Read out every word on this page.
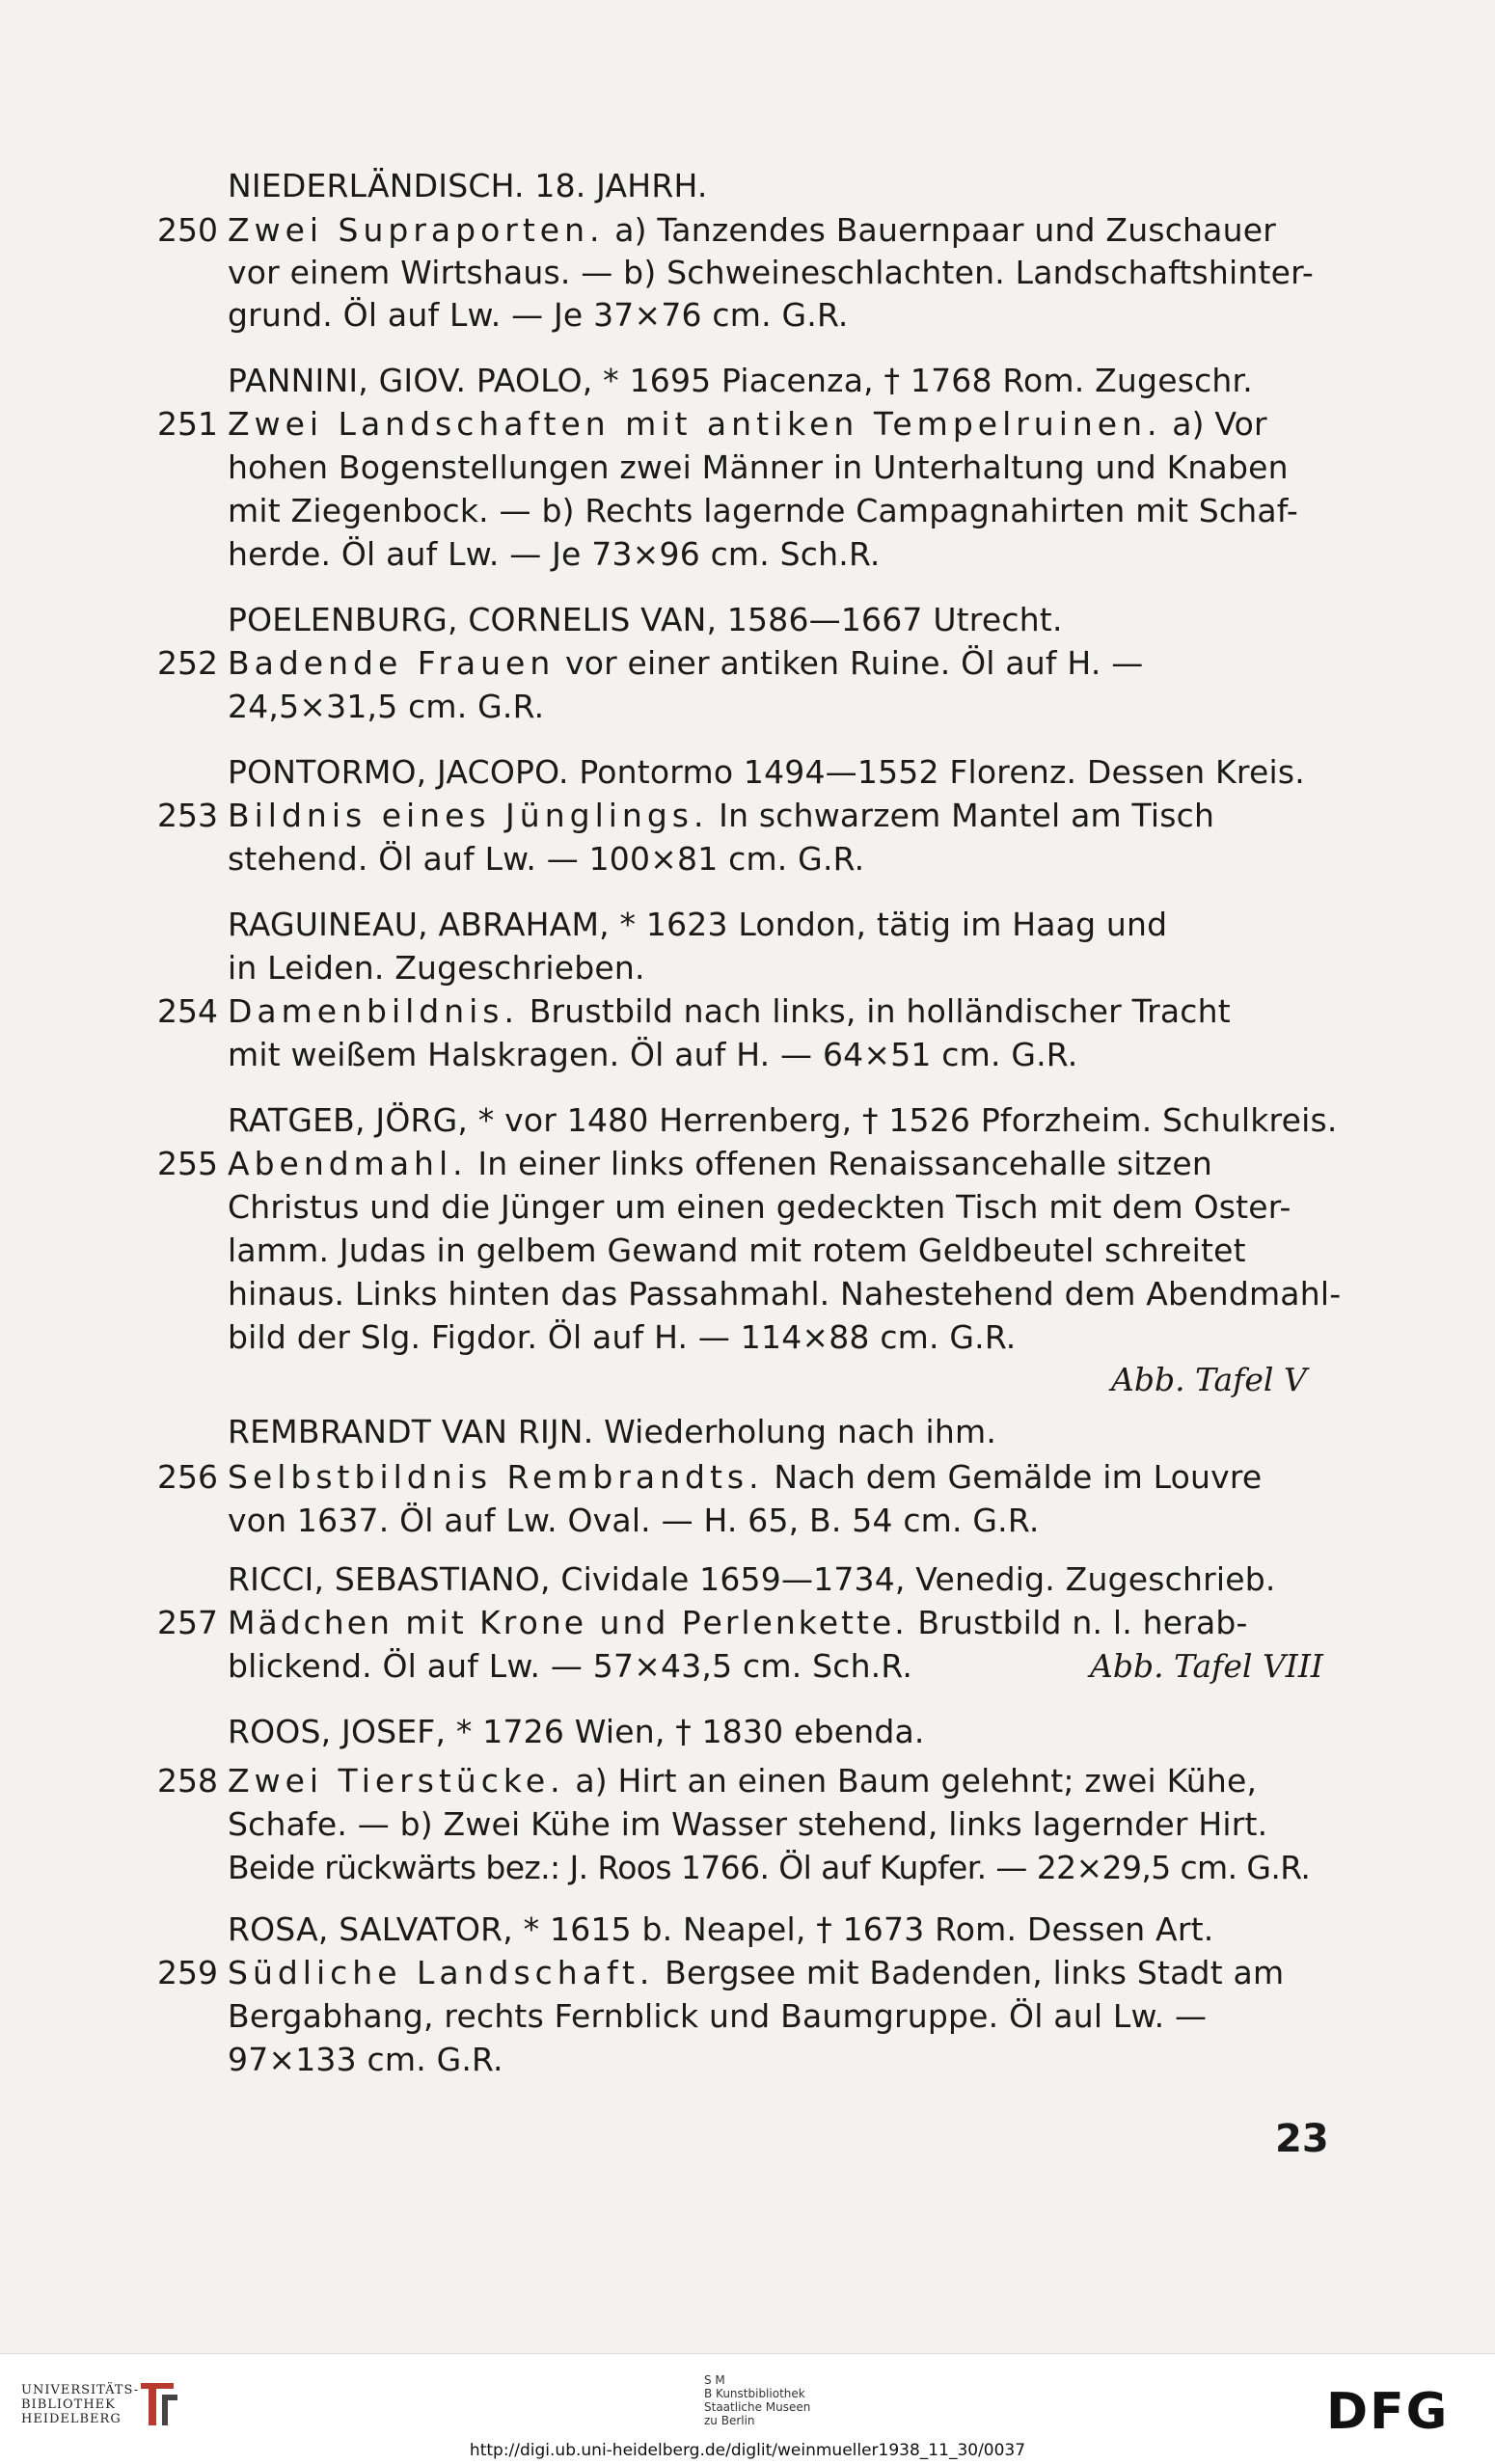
NIEDERLÄNDISCH. 18. JAHRH.
250 Zwei Supraporten. a) Tanzendes Bauernpaar und Zuschauer
vor einem Wirtshaus. — b) Schweineschlachten. Landschaftshinter-
grund. Öl auf Lw. — Je 37×76 cm. G.R.
PANNINI, GIOV. PAOLO, * 1695 Piacenza, † 1768 Rom. Zugeschr.
251 Zwei Landschaften mit antiken Tempelruinen. a) Vor
hohen Bogenstellungen zwei Männer in Unterhaltung und Knaben
mit Ziegenbock. — b) Rechts lagernde Campagnahirten mit Schaf-
herde. Öl auf Lw. — Je 73×96 cm. Sch.R.
POELENBURG, CORNELIS VAN, 1586—1667 Utrecht.
252 Badende Frauen vor einer antiken Ruine. Öl auf H. —
24,5×31,5 cm. G.R.
PONTORMO, JACOPO. Pontormo 1494—1552 Florenz. Dessen Kreis.
253 Bildnis eines Jünglings. In schwarzem Mantel am Tisch
stehend. Öl auf Lw. — 100×81 cm. G.R.
RAGUINEAU, ABRAHAM, * 1623 London, tätig im Haag und
in Leiden. Zugeschrieben.
254 Damenbildnis. Brustbild nach links, in holländischer Tracht
mit weißem Halskragen. Öl auf H. — 64×51 cm. G.R.
RATGEB, JÖRG, * vor 1480 Herrenberg, † 1526 Pforzheim. Schulkreis.
255 Abendmahl. In einer links offenen Renaissancehalle sitzen
Christus und die Jünger um einen gedeckten Tisch mit dem Oster-
lamm. Judas in gelbem Gewand mit rotem Geldbeutel schreitet
hinaus. Links hinten das Passahmahl. Nahestehend dem Abendmahl-
bild der Slg. Figdor. Öl auf H. — 114×88 cm. G.R.
Abb. Tafel V
REMBRANDT VAN RIJN. Wiederholung nach ihm.
256 Selbstbildnis Rembrandts. Nach dem Gemälde im Louvre
von 1637. Öl auf Lw. Oval. — H. 65, B. 54 cm. G.R.
RICCI, SEBASTIANO, Cividale 1659—1734, Venedig. Zugeschrieb.
257 Mädchen mit Krone und Perlenkette. Brustbild n. l. herab-
blickend. Öl auf Lw. — 57×43,5 cm. Sch.R.	Abb. Tafel VIII
ROOS, JOSEF, * 1726 Wien, † 1830 ebenda.
258 Zwei Tierstücke. a) Hirt an einen Baum gelehnt; zwei Kühe,
Schafe. — b) Zwei Kühe im Wasser stehend, links lagernder Hirt.
Beide rückwärts bez.: J. Roos 1766. Öl auf Kupfer. — 22×29,5 cm. G.R.
ROSA, SALVATOR, * 1615 b. Neapel, † 1673 Rom. Dessen Art.
259 Südliche Landschaft. Bergsee mit Badenden, links Stadt am
Bergabhang, rechts Fernblick und Baumgruppe. Öl aul Lw. —
97×133 cm. G.R.
23
UNIVERSITÄTS-
BIBLIOTHEK
HEIDELBERG
S M
B Kunstbibliothek
Staatliche Museen
zu Berlin	DFG
http://digi.ub.uni-heidelberg.de/diglit/weinmueller1938_11_30/0037
